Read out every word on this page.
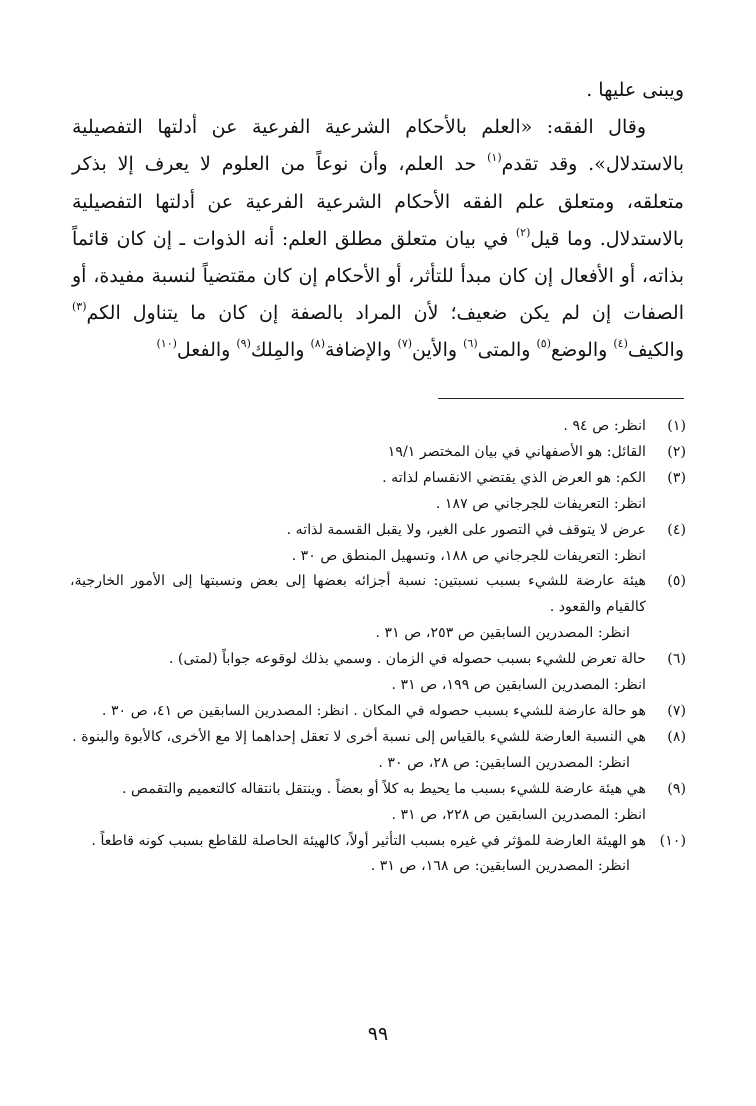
ويبنى عليها .

وقال الفقه: «العلم بالأحكام الشرعية الفرعية عن أدلتها التفصيلية بالاستدلال». وقد تقدم$^{(١)}$ حد العلم، وأن نوعاً من العلوم لا يعرف إلا بذكر متعلقه، ومتعلق علم الفقه الأحكام الشرعية الفرعية عن أدلتها التفصيلية بالاستدلال. وما قيل$^{(٢)}$ في بيان متعلق مطلق العلم: أنه الذوات ـ إن كان قائماً بذاته، أو الأفعال إن كان مبدأ للتأثر، أو الأحكام إن كان مقتضياً لنسبة مفيدة، أو الصفات إن لم يكن ضعيف؛ لأن المراد بالصفة إن كان ما يتناول الكم$^{(٣)}$ والكيف$^{(٤)}$ والوضع$^{(٥)}$ والمتى$^{(٦)}$ والأين$^{(٧)}$ والإضافة$^{(٨)}$ والمِلك$^{(٩)}$ والفعل$^{(١٠)}$

(١)
انظر: ص ٩٤ .
(٢)
القائل: هو الأصفهاني في بيان المختصر ١٩/١
(٣)
الكم: هو العرض الذي يقتضي الانقسام لذاته .
انظر: التعريفات للجرجاني ص ١٨٧ .
(٤)
عرض لا يتوقف في التصور على الغير، ولا يقبل القسمة لذاته .
انظر: التعريفات للجرجاني ص ١٨٨، وتسهيل المنطق ص ٣٠ .
(٥)
هيئة عارضة للشيء بسبب نسبتين: نسبة أجزائه بعضها إلى بعض ونسبتها إلى الأمور الخارجية، كالقيام والقعود .
انظر: المصدرين السابقين ص ٢٥٣، ص ٣١ .
(٦)
حالة تعرض للشيء بسبب حصوله في الزمان . وسمي بذلك لوقوعه جواباً (لمتى) .
انظر: المصدرين السابقين ص ١٩٩، ص ٣١ .
(٧)
هو حالة عارضة للشيء بسبب حصوله في المكان . انظر: المصدرين السابقين ص ٤١، ص ٣٠ .
(٨)
هي النسبة العارضة للشيء بالقياس إلى نسبة أخرى لا تعقل إحداهما إلا مع الأخرى، كالأبوة والبنوة .
انظر: المصدرين السابقين: ص ٢٨، ص ٣٠ .
(٩)
هي هيئة عارضة للشيء بسبب ما يحيط به كلاً أو بعضاً . وينتقل بانتقاله كالتعميم والتقمص .
انظر: المصدرين السابقين ص ٢٢٨، ص ٣١ .
(١٠)
هو الهيئة العارضة للمؤثر في غيره بسبب التأثير أولاً، كالهيئة الحاصلة للقاطع بسبب كونه قاطعاً .
انظر: المصدرين السابقين: ص ١٦٨، ص ٣١ .
٩٩
